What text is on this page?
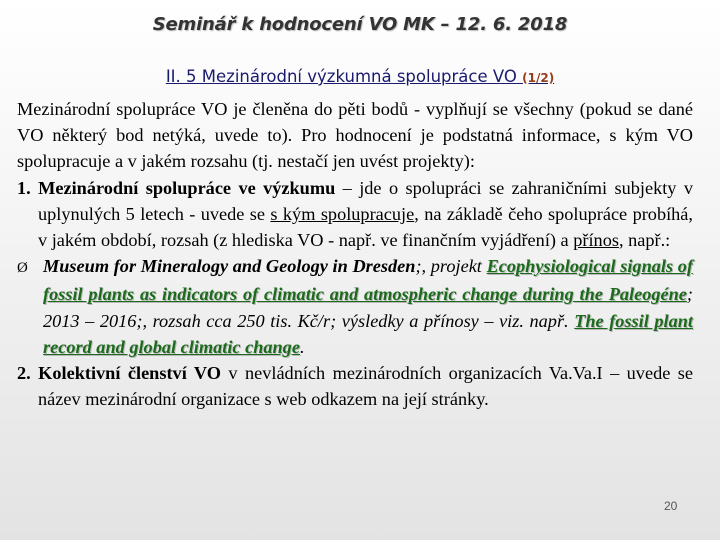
Seminář k hodnocení VO MK – 12. 6. 2018
II. 5 Mezinárodní výzkumná spolupráce VO (1/2)
Mezinárodní spolupráce VO je členěna do pěti bodů - vyplňují se všechny (pokud se dané VO některý bod netýká, uvede to). Pro hodnocení je podstatná informace, s kým VO spolupracuje a v jakém rozsahu (tj. nestačí jen uvést projekty):
1. Mezinárodní spolupráce ve výzkumu – jde o spolupráci se zahraničními subjekty v uplynulých 5 letech - uvede se s kým spolupracuje, na základě čeho spolupráce probíhá, v jakém období, rozsah (z hlediska VO - např. ve finančním vyjádření) a přínos, např.:
Ø Museum for Mineralogy and Geology in Dresden;, projekt Ecophysiological signals of fossil plants as indicators of climatic and atmospheric change during the Paleogéne; 2013 – 2016;, rozsah cca 250 tis. Kč/r; výsledky a přínosy – viz. např. The fossil plant record and global climatic change.
2. Kolektivní členství VO v nevládních mezinárodních organizacích Va.Va.I – uvede se název mezinárodní organizace s web odkazem na její stránky.
20
